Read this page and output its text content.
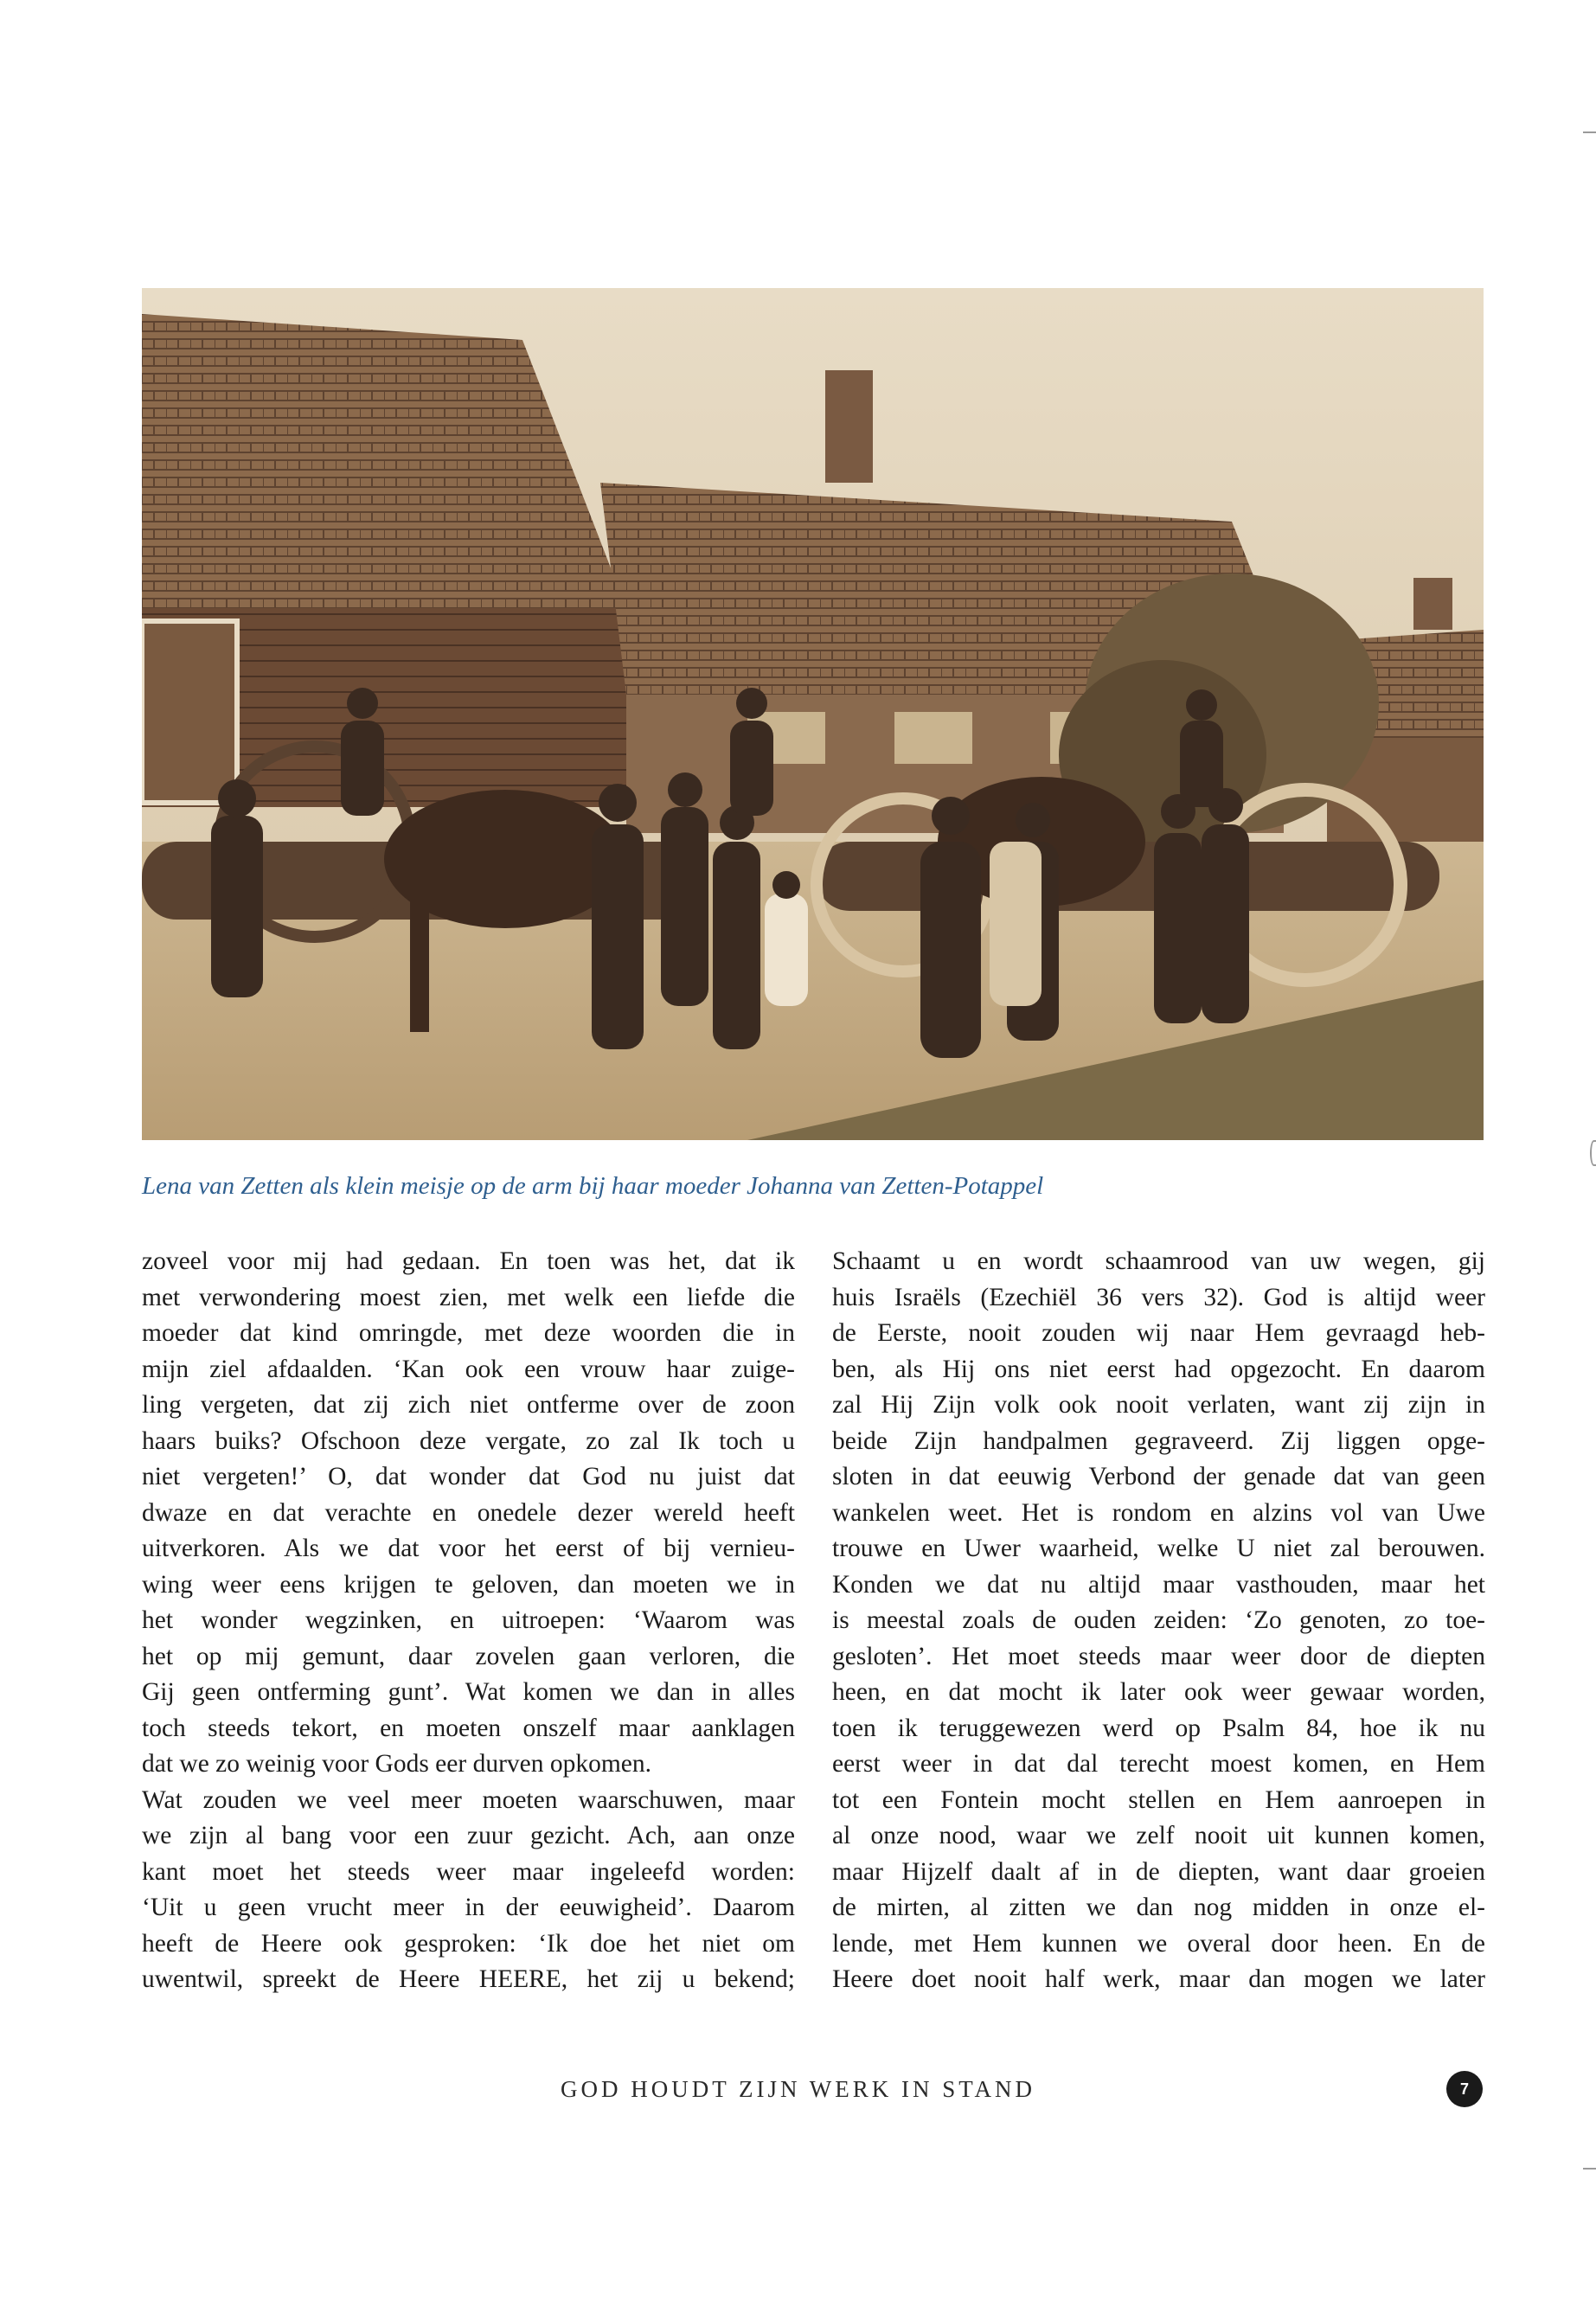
Lena van Zetten als klein meisje op de arm bij haar moeder Johanna van Zetten-Potappel
zoveel voor mij had gedaan. En toen was het, dat ik
met verwondering moest zien, met welk een liefde die
moeder dat kind omringde, met deze woorden die in
mijn ziel afdaalden. ‘Kan ook een vrouw haar zuige-
ling vergeten, dat zij zich niet ontferme over de zoon
haars buiks? Ofschoon deze vergate, zo zal Ik toch u
niet vergeten!’ O, dat wonder dat God nu juist dat
dwaze en dat verachte en onedele dezer wereld heeft
uitverkoren. Als we dat voor het eerst of bij vernieu-
wing weer eens krijgen te geloven, dan moeten we in
het wonder wegzinken, en uitroepen: ‘Waarom was
het op mij gemunt, daar zovelen gaan verloren, die
Gij geen ontferming gunt’. Wat komen we dan in alles
toch steeds tekort, en moeten onszelf maar aanklagen
dat we zo weinig voor Gods eer durven opkomen.
Wat zouden we veel meer moeten waarschuwen, maar
we zijn al bang voor een zuur gezicht. Ach, aan onze
kant moet het steeds weer maar ingeleefd worden:
‘Uit u geen vrucht meer in der eeuwigheid’. Daarom
heeft de Heere ook gesproken: ‘Ik doe het niet om
uwentwil, spreekt de Heere HEERE, het zij u bekend;
Schaamt u en wordt schaamrood van uw wegen, gij
huis Israëls (Ezechiël 36 vers 32). God is altijd weer
de Eerste, nooit zouden wij naar Hem gevraagd heb-
ben, als Hij ons niet eerst had opgezocht. En daarom
zal Hij Zijn volk ook nooit verlaten, want zij zijn in
beide Zijn handpalmen gegraveerd. Zij liggen opge-
sloten in dat eeuwig Verbond der genade dat van geen
wankelen weet. Het is rondom en alzins vol van Uwe
trouwe en Uwer waarheid, welke U niet zal berouwen.
Konden we dat nu altijd maar vasthouden, maar het
is meestal zoals de ouden zeiden: ‘Zo genoten, zo toe-
gesloten’. Het moet steeds maar weer door de diepten
heen, en dat mocht ik later ook weer gewaar worden,
toen ik teruggewezen werd op Psalm 84, hoe ik nu
eerst weer in dat dal terecht moest komen, en Hem
tot een Fontein mocht stellen en Hem aanroepen in
al onze nood, waar we zelf nooit uit kunnen komen,
maar Hijzelf daalt af in de diepten, want daar groeien
de mirten, al zitten we dan nog midden in onze el-
lende, met Hem kunnen we overal door heen. En de
Heere doet nooit half werk, maar dan mogen we later
GOD HOUDT ZIJN WERK IN STAND	7
